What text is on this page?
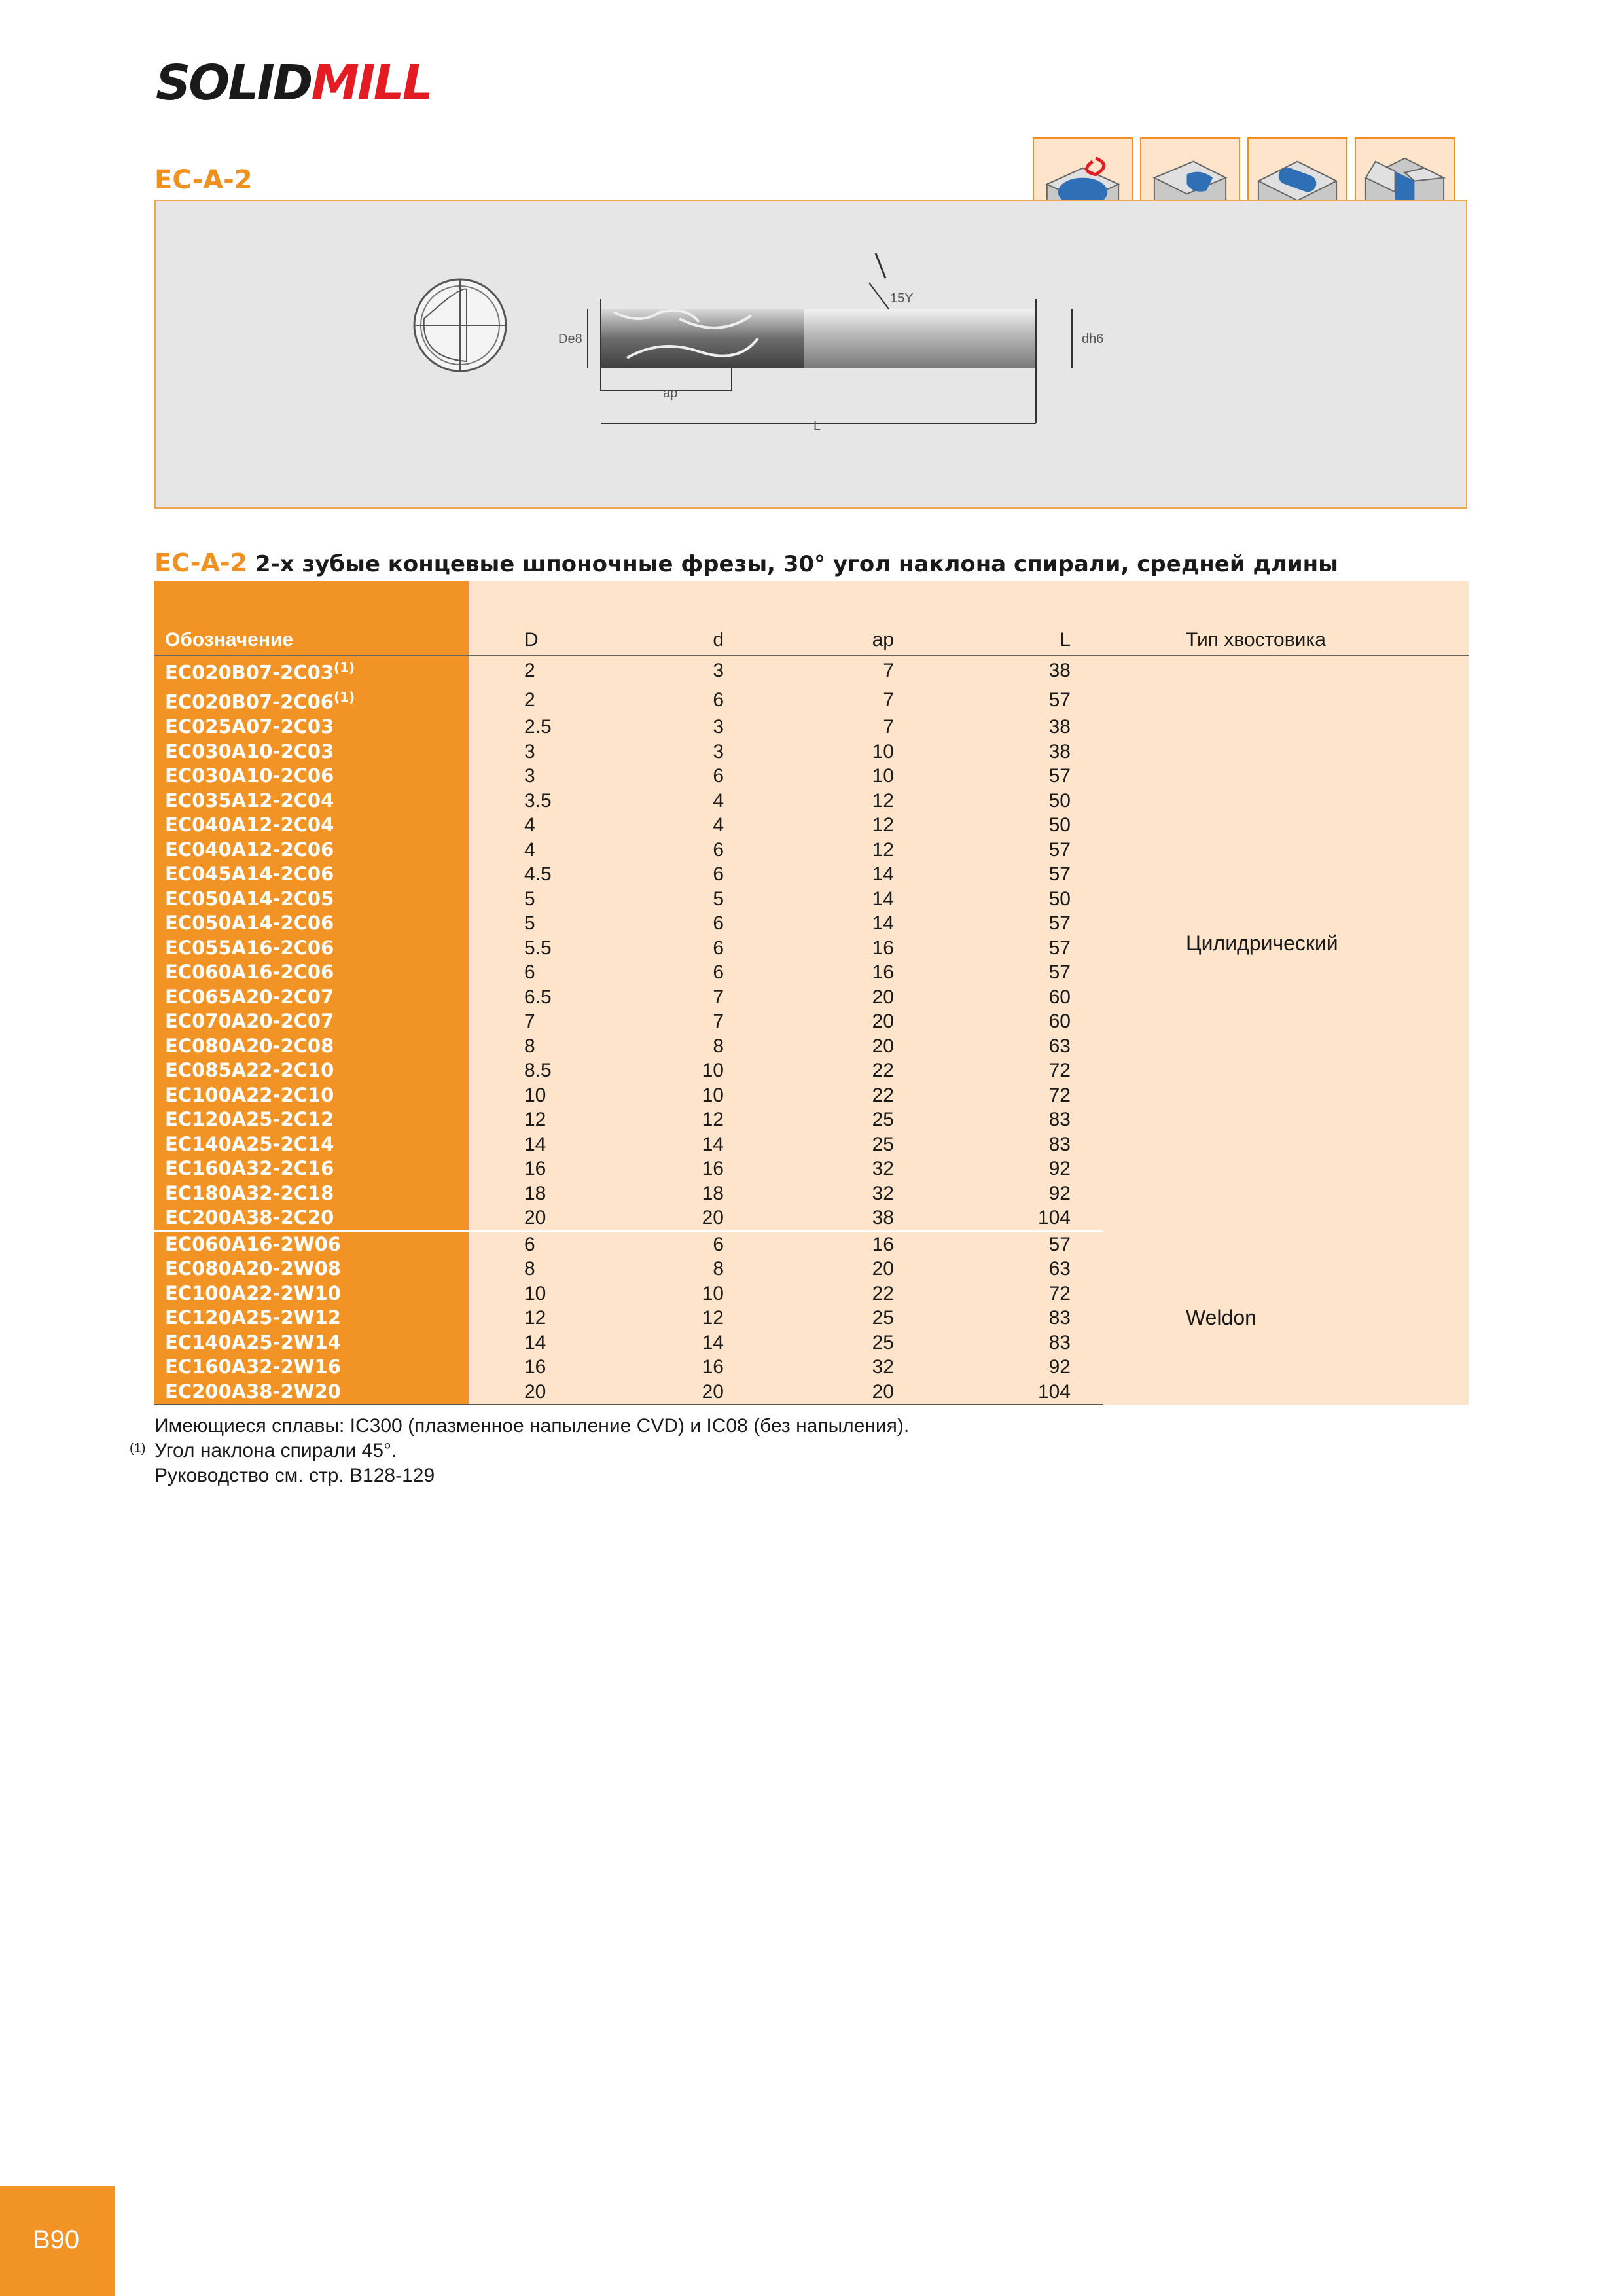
SOLIDMILL
EC-A-2
De8	dh6
ap
L
15Y
EC-A-2 2-х зубые концевые шпоночные фрезы, 30° угол наклона спирали, средней длины
Обозначение	D	d	ap	L	Тип хвостовика
EC020B07-2C03$^{(1)}$	2	3	7	38	Цилидрический
EC020B07-2C06$^{(1)}$	2	6	7	57	
EC025A07-2C03	2.5	3	7	38	
EC030A10-2C03	3	3	10	38	
EC030A10-2C06	3	6	10	57	
EC035A12-2C04	3.5	4	12	50	
EC040A12-2C04	4	4	12	50	
EC040A12-2C06	4	6	12	57	
EC045A14-2C06	4.5	6	14	57	
EC050A14-2C05	5	5	14	50	
EC050A14-2C06	5	6	14	57	
EC055A16-2C06	5.5	6	16	57	
EC060A16-2C06	6	6	16	57	
EC065A20-2C07	6.5	7	20	60	
EC070A20-2C07	7	7	20	60	
EC080A20-2C08	8	8	20	63	
EC085A22-2C10	8.5	10	22	72	
EC100A22-2C10	10	10	22	72	
EC120A25-2C12	12	12	25	83	
EC140A25-2C14	14	14	25	83	
EC160A32-2C16	16	16	32	92	
EC180A32-2C18	18	18	32	92	
EC200A38-2C20	20	20	38	104	
EC060A16-2W06	6	6	16	57	Weldon
EC080A20-2W08	8	8	20	63	
EC100A22-2W10	10	10	22	72	
EC120A25-2W12	12	12	25	83	
EC140A25-2W14	14	14	25	83	
EC160A32-2W16	16	16	32	92	
EC200A38-2W20	20	20	20	104	
Имеющиеся сплавы: IC300 (плазменное напыление CVD) и IC08 (без напыления).
(1) Угол наклона спирали 45°.
Руководство см. стр. B128-129
B90
